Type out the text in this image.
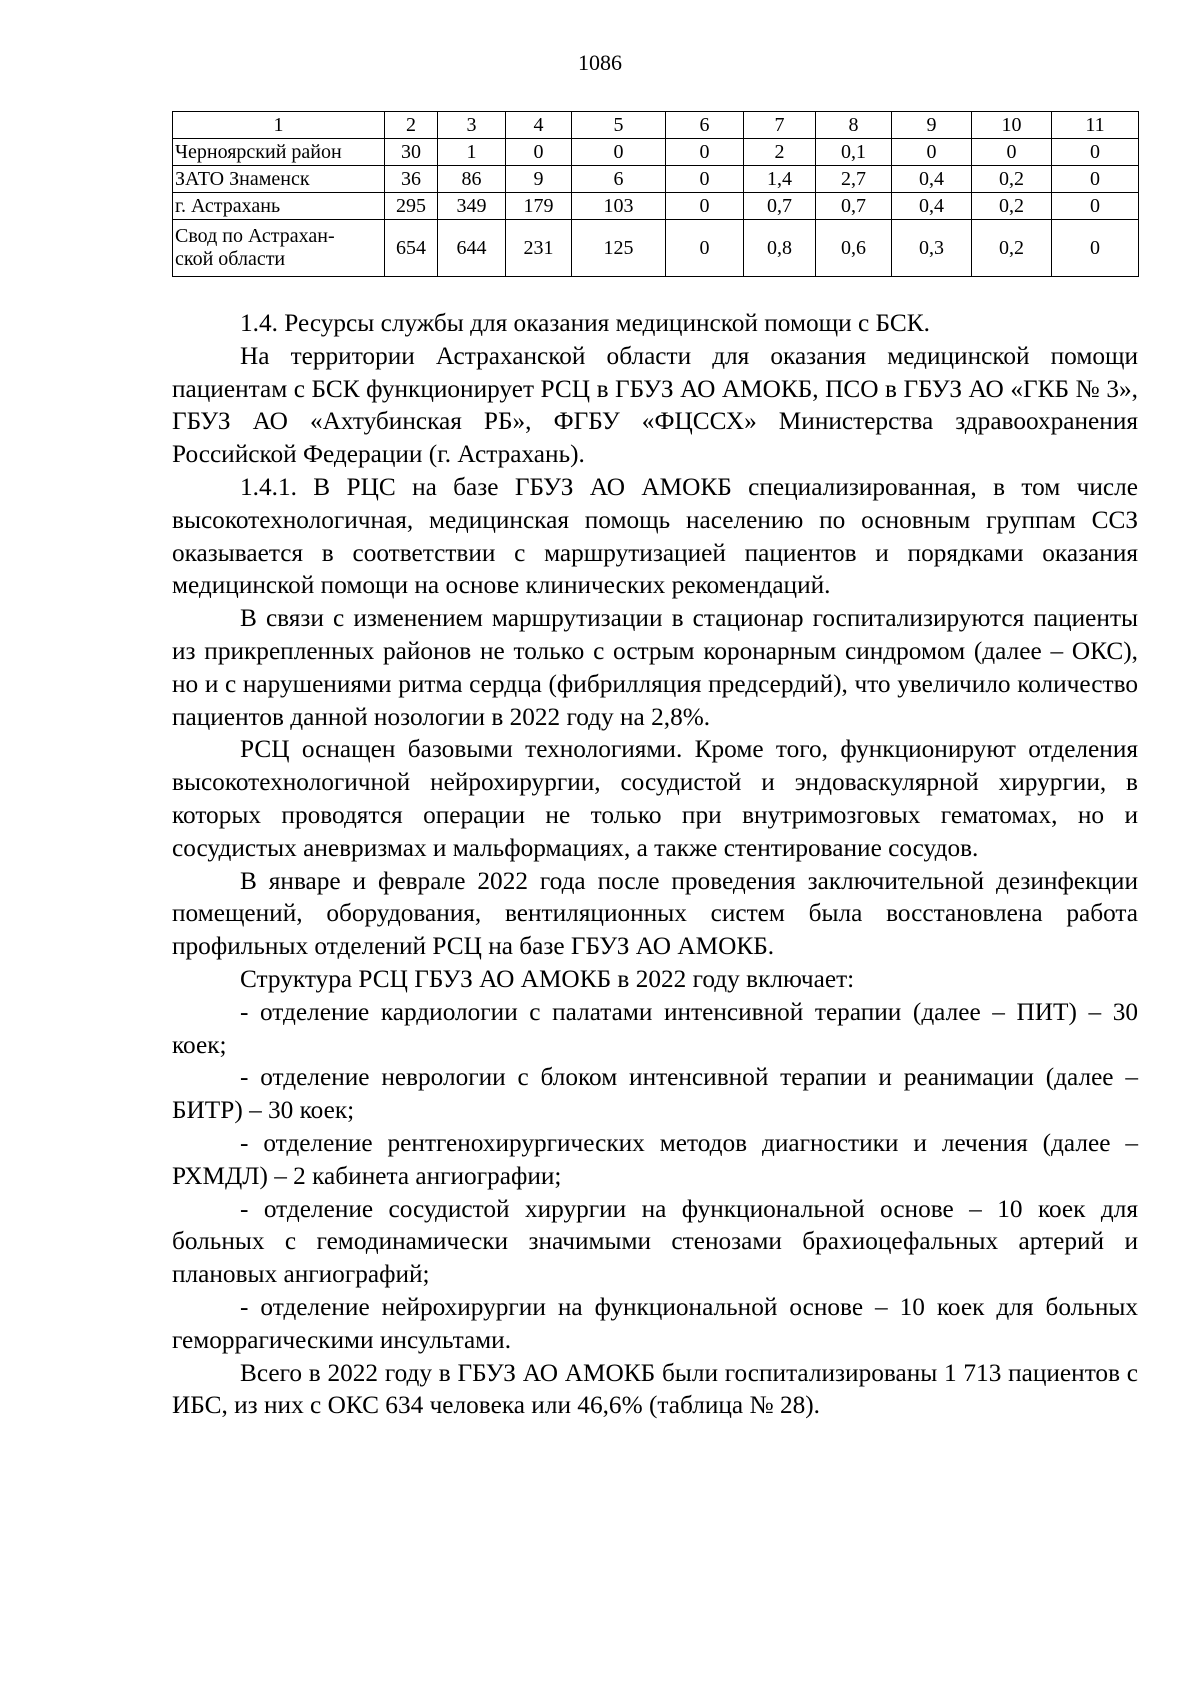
1086
1	2	3	4	5	6	7	8	9	10	11
Черноярский район	30	1	0	0	0	2	0,1	0	0	0
ЗАТО Знаменск	36	86	9	6	0	1,4	2,7	0,4	0,2	0
г. Астрахань	295	349	179	103	0	0,7	0,7	0,4	0,2	0
Свод по Астрахан-
ской области	654	644	231	125	0	0,8	0,6	0,3	0,2	0

1.4. Ресурсы службы для оказания медицинской помощи с БСК.

На территории Астраханской области для оказания медицинской помощи пациентам с БСК функционирует РСЦ в ГБУЗ АО АМОКБ, ПСО в ГБУЗ АО «ГКБ № 3», ГБУЗ АО «Ахтубинская РБ», ФГБУ «ФЦССХ» Министерства здравоохранения Российской Федерации (г. Астрахань).

1.4.1. В РЦС на базе ГБУЗ АО АМОКБ специализированная, в том числе высокотехнологичная, медицинская помощь населению по основным группам ССЗ оказывается в соответствии с маршрутизацией пациентов и порядками оказания медицинской помощи на основе клинических рекомендаций.

В связи с изменением маршрутизации в стационар госпитализируются пациенты из прикрепленных районов не только с острым коронарным синдромом (далее – ОКС), но и с нарушениями ритма сердца (фибрилляция предсердий), что увеличило количество пациентов данной нозологии в 2022 году на 2,8%.

РСЦ оснащен базовыми технологиями. Кроме того, функционируют отделения высокотехнологичной нейрохирургии, сосудистой и эндоваскулярной хирургии, в которых проводятся операции не только при внутримозговых гематомах, но и сосудистых аневризмах и мальформациях, а также стентирование сосудов.

В январе и феврале 2022 года после проведения заключительной дезинфекции помещений, оборудования, вентиляционных систем была восстановлена работа профильных отделений РСЦ на базе ГБУЗ АО АМОКБ.

Структура РСЦ ГБУЗ АО АМОКБ в 2022 году включает:

- отделение кардиологии с палатами интенсивной терапии (далее – ПИТ) – 30 коек;

- отделение неврологии с блоком интенсивной терапии и реанимации (далее – БИТР) – 30 коек;

- отделение рентгенохирургических методов диагностики и лечения (далее – РХМДЛ) – 2 кабинета ангиографии;

- отделение сосудистой хирургии на функциональной основе – 10 коек для больных с гемодинамически значимыми стенозами брахиоцефальных артерий и плановых ангиографий;

- отделение нейрохирургии на функциональной основе – 10 коек для больных геморрагическими инсультами.

Всего в 2022 году в ГБУЗ АО АМОКБ были госпитализированы 1 713 пациентов с ИБС, из них с ОКС 634 человека или 46,6% (таблица № 28).
